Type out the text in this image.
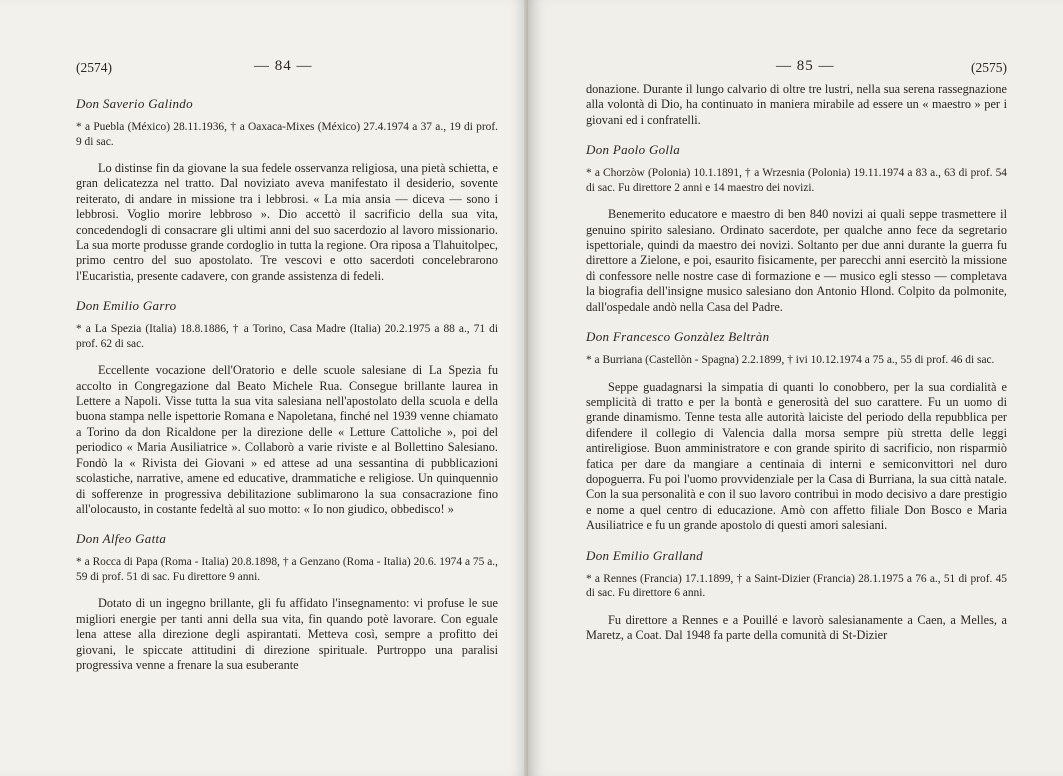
(2574)	— 84 —
Don Saverio Galindo

* a Puebla (México) 28.11.1936, † a Oaxaca-Mixes (México) 27.4.1974 a 37 a., 19 di prof. 9 di sac.

Lo distinse fin da giovane la sua fedele osservanza religiosa, una pietà schietta, e gran delicatezza nel tratto. Dal noviziato aveva manifestato il desiderio, sovente reiterato, di andare in missione tra i lebbrosi. « La mia ansia — diceva — sono i lebbrosi. Voglio morire lebbroso ». Dio accettò il sacrificio della sua vita, concedendogli di consacrare gli ultimi anni del suo sacerdozio al lavoro missionario. La sua morte produsse grande cordoglio in tutta la regione. Ora riposa a Tlahuitolpec, primo centro del suo apostolato. Tre vescovi e otto sacerdoti concelebrarono l'Eucaristia, presente cadavere, con grande assistenza di fedeli.

Don Emilio Garro

* a La Spezia (Italia) 18.8.1886, † a Torino, Casa Madre (Italia) 20.2.1975 a 88 a., 71 di prof. 62 di sac.

Eccellente vocazione dell'Oratorio e delle scuole salesiane di La Spezia fu accolto in Congregazione dal Beato Michele Rua. Consegue brillante laurea in Lettere a Napoli. Visse tutta la sua vita salesiana nell'apostolato della scuola e della buona stampa nelle ispettorie Romana e Napoletana, finché nel 1939 venne chiamato a Torino da don Ricaldone per la direzione delle « Letture Cattoliche », poi del periodico « Maria Ausiliatrice ». Collaborò a varie riviste e al Bollettino Salesiano. Fondò la « Rivista dei Giovani » ed attese ad una sessantina di pubblicazioni scolastiche, narrative, amene ed educative, drammatiche e religiose. Un quinquennio di sofferenze in progressiva debilitazione sublimarono la sua consacrazione fino all'olocausto, in costante fedeltà al suo motto: « Io non giudico, obbedisco! »

Don Alfeo Gatta

* a Rocca di Papa (Roma - Italia) 20.8.1898, † a Genzano (Roma - Italia) 20.6. 1974 a 75 a., 59 di prof. 51 di sac. Fu direttore 9 anni.

Dotato di un ingegno brillante, gli fu affidato l'insegnamento: vi profuse le sue migliori energie per tanti anni della sua vita, fin quando potè lavorare. Con eguale lena attese alla direzione degli aspirantati. Metteva così, sempre a profitto dei giovani, le spiccate attitudini di direzione spirituale. Purtroppo una paralisi progressiva venne a frenare la sua esuberante

— 85 —	(2575)

donazione. Durante il lungo calvario di oltre tre lustri, nella sua serena rassegnazione alla volontà di Dio, ha continuato in maniera mirabile ad essere un « maestro » per i giovani ed i confratelli.

Don Paolo Golla

* a Chorzòw (Polonia) 10.1.1891, † a Wrzesnia (Polonia) 19.11.1974 a 83 a., 63 di prof. 54 di sac. Fu direttore 2 anni e 14 maestro dei novizi.

Benemerito educatore e maestro di ben 840 novizi ai quali seppe trasmettere il genuino spirito salesiano. Ordinato sacerdote, per qualche anno fece da segretario ispettoriale, quindi da maestro dei novizi. Soltanto per due anni durante la guerra fu direttore a Zielone, e poi, esaurito fisicamente, per parecchi anni esercitò la missione di confessore nelle nostre case di formazione e — musico egli stesso — completava la biografia dell'insigne musico salesiano don Antonio Hlond. Colpito da polmonite, dall'ospedale andò nella Casa del Padre.

Don Francesco Gonzàlez Beltràn

* a Burriana (Castellòn - Spagna) 2.2.1899, † ivi 10.12.1974 a 75 a., 55 di prof. 46 di sac.

Seppe guadagnarsi la simpatia di quanti lo conobbero, per la sua cordialità e semplicità di tratto e per la bontà e generosità del suo carattere. Fu un uomo di grande dinamismo. Tenne testa alle autorità laiciste del periodo della repubblica per difendere il collegio di Valencia dalla morsa sempre più stretta delle leggi antireligiose. Buon amministratore e con grande spirito di sacrificio, non risparmiò fatica per dare da mangiare a centinaia di interni e semiconvittori nel duro dopoguerra. Fu poi l'uomo provvidenziale per la Casa di Burriana, la sua città natale. Con la sua personalità e con il suo lavoro contribuì in modo decisivo a dare prestigio e nome a quel centro di educazione. Amò con affetto filiale Don Bosco e Maria Ausiliatrice e fu un grande apostolo di questi amori salesiani.

Don Emilio Gralland

* a Rennes (Francia) 17.1.1899, † a Saint-Dizier (Francia) 28.1.1975 a 76 a., 51 di prof. 45 di sac. Fu direttore 6 anni.

Fu direttore a Rennes e a Pouillé e lavorò salesianamente a Caen, a Melles, a Maretz, a Coat. Dal 1948 fa parte della comunità di St-Dizier
